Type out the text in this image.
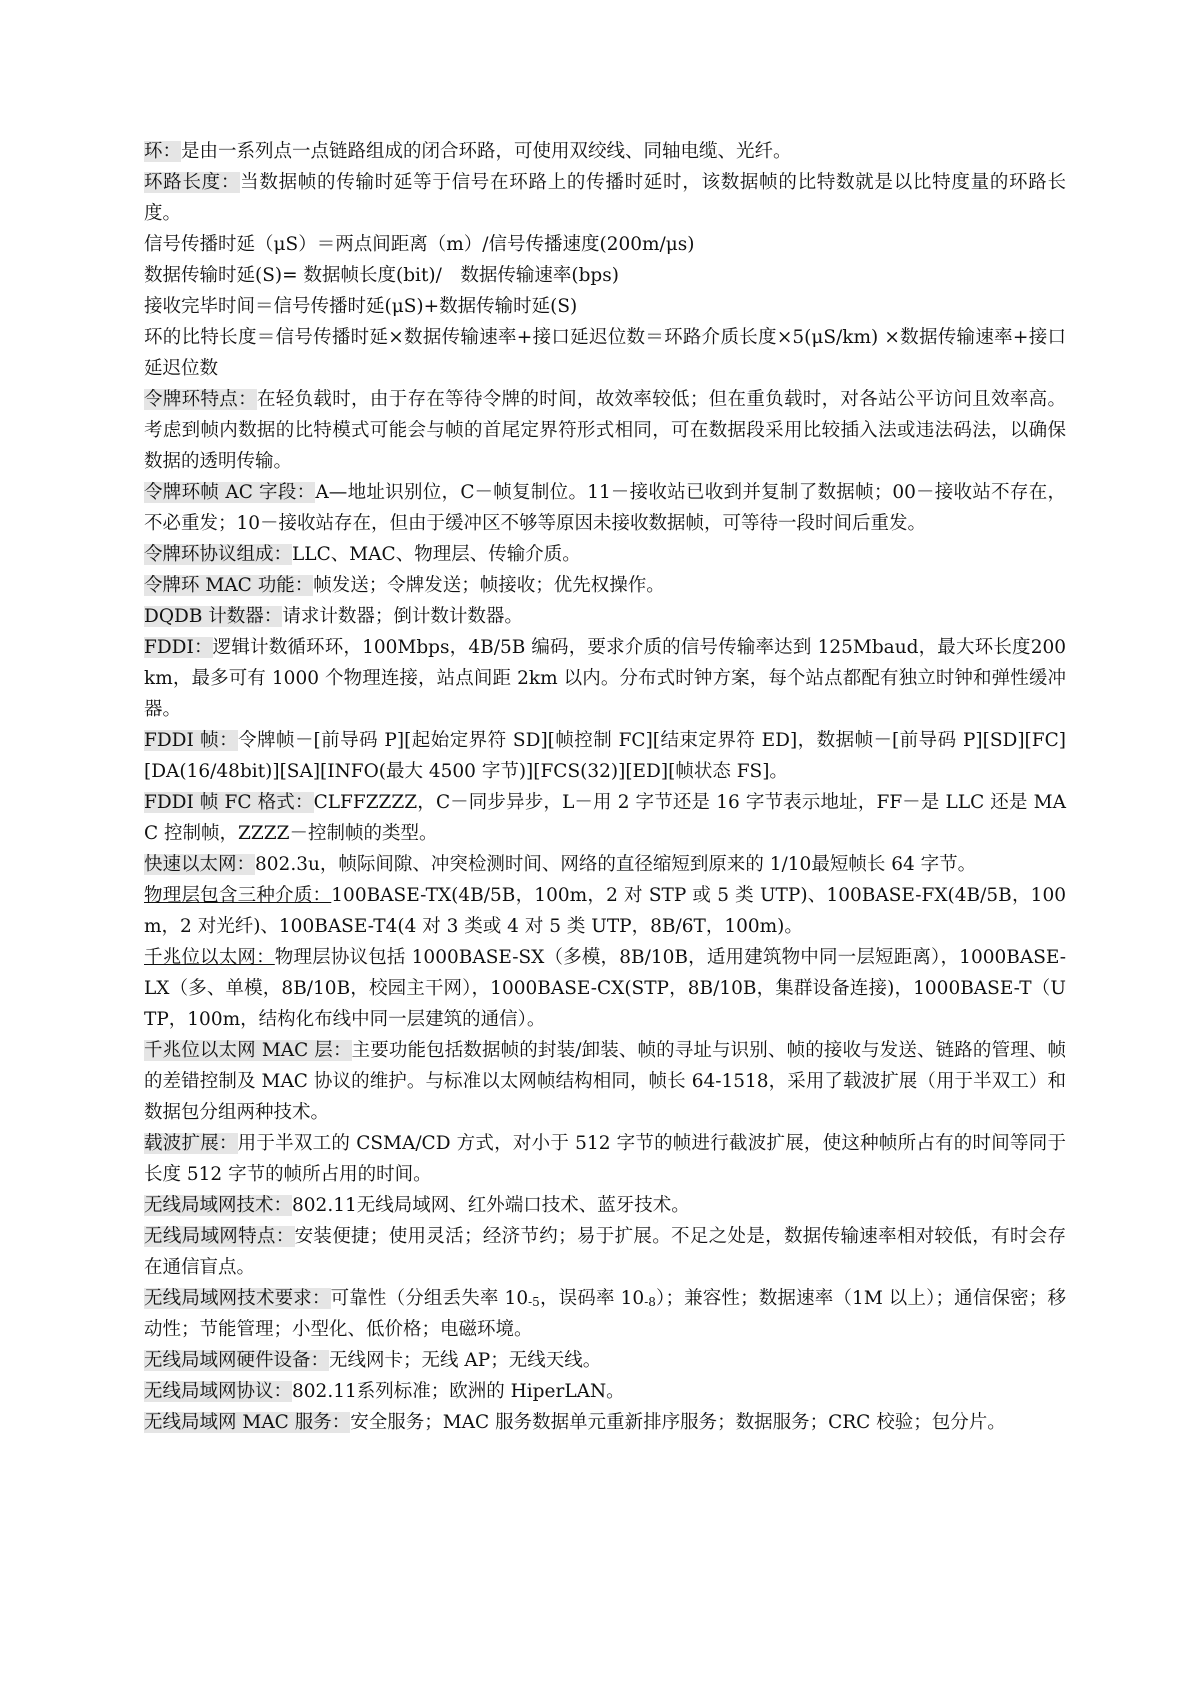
环：是由一系列点一点链路组成的闭合环路，可使用双绞线、同轴电缆、光纤。

环路长度：当数据帧的传输时延等于信号在环路上的传播时延时，该数据帧的比特数就是以比特度量的环路长度。

信号传播时延（μS）＝两点间距离（m）/信号传播速度(200m/μs)

数据传输时延(S)= 数据帧长度(bit)/　数据传输速率(bps)

接收完毕时间＝信号传播时延(μS)+数据传输时延(S)

环的比特长度＝信号传播时延×数据传输速率+接口延迟位数＝环路介质长度×5(μS/km) ×数据传输速率+接口延迟位数

令牌环特点：在轻负载时，由于存在等待令牌的时间，故效率较低；但在重负载时，对各站公平访问且效率高。考虑到帧内数据的比特模式可能会与帧的首尾定界符形式相同，可在数据段采用比较插入法或违法码法，以确保数据的透明传输。

令牌环帧 AC 字段：A—地址识别位，C－帧复制位。11－接收站已收到并复制了数据帧；00－接收站不存在，不必重发；10－接收站存在，但由于缓冲区不够等原因未接收数据帧，可等待一段时间后重发。

令牌环协议组成：LLC、MAC、物理层、传输介质。

令牌环 MAC 功能：帧发送；令牌发送；帧接收；优先权操作。

DQDB 计数器：请求计数器；倒计数计数器。

FDDI：逻辑计数循环环，100Mbps，4B/5B 编码，要求介质的信号传输率达到 125Mbaud，最大环长度200km，最多可有 1000 个物理连接，站点间距 2km 以内。分布式时钟方案，每个站点都配有独立时钟和弹性缓冲器。

FDDI 帧：令牌帧－[前导码 P][起始定界符 SD][帧控制 FC][结束定界符 ED]，数据帧－[前导码 P][SD][FC][DA(16/48bit)][SA][INFO(最大 4500 字节)][FCS(32)][ED][帧状态 FS]。

FDDI 帧 FC 格式：CLFFZZZZ，C－同步异步，L－用 2 字节还是 16 字节表示地址，FF－是 LLC 还是 MAC 控制帧，ZZZZ－控制帧的类型。

快速以太网：802.3u，帧际间隙、冲突检测时间、网络的直径缩短到原来的 1/10最短帧长 64 字节。

物理层包含三种介质：100BASE-TX(4B/5B，100m，2 对 STP 或 5 类 UTP)、100BASE-FX(4B/5B，100m，2 对光纤)、100BASE-T4(4 对 3 类或 4 对 5 类 UTP，8B/6T，100m)。

千兆位以太网：物理层协议包括 1000BASE-SX（多模，8B/10B，适用建筑物中同一层短距离），1000BASE-LX（多、单模，8B/10B，校园主干网），1000BASE-CX(STP，8B/10B，集群设备连接)，1000BASE-T（UTP，100m，结构化布线中同一层建筑的通信）。

千兆位以太网 MAC 层：主要功能包括数据帧的封装/卸装、帧的寻址与识别、帧的接收与发送、链路的管理、帧的差错控制及 MAC 协议的维护。与标准以太网帧结构相同，帧长 64-1518，采用了载波扩展（用于半双工）和数据包分组两种技术。

载波扩展：用于半双工的 CSMA/CD 方式，对小于 512 字节的帧进行截波扩展，使这种帧所占有的时间等同于长度 512 字节的帧所占用的时间。

无线局域网技术：802.11无线局域网、红外端口技术、蓝牙技术。

无线局域网特点：安装便捷；使用灵活；经济节约；易于扩展。不足之处是，数据传输速率相对较低，有时会存在通信盲点。

无线局域网技术要求：可靠性（分组丢失率 $10_{-5}$，误码率 $10_{-8}$）；兼容性；数据速率（1M 以上）；通信保密；移动性；节能管理；小型化、低价格；电磁环境。

无线局域网硬件设备：无线网卡；无线 AP；无线天线。

无线局域网协议：802.11系列标准；欧洲的 HiperLAN。

无线局域网 MAC 服务：安全服务；MAC 服务数据单元重新排序服务；数据服务；CRC 校验；包分片。
